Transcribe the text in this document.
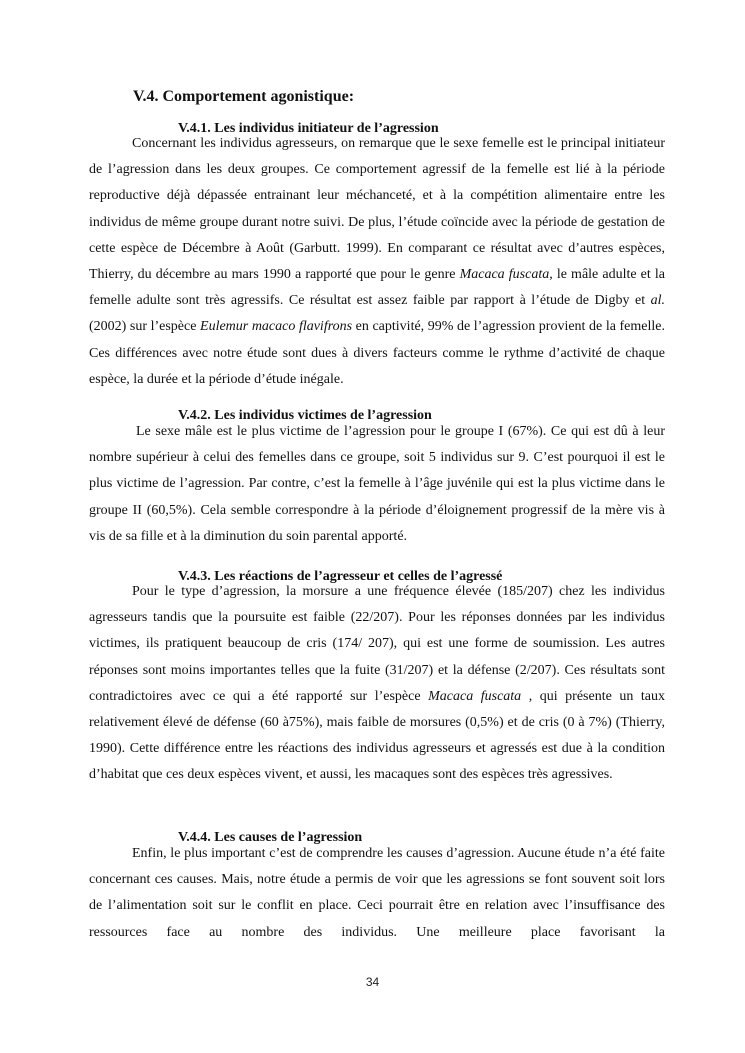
V.4. Comportement agonistique:
V.4.1. Les individus initiateur de l’agression

Concernant les individus agresseurs, on remarque que le sexe femelle est le principal initiateur de l’agression dans les deux groupes. Ce comportement agressif de la femelle est lié à la période reproductive déjà dépassée entrainant leur méchanceté, et à la compétition alimentaire entre les individus de même groupe durant notre suivi. De plus, l’étude coïncide avec la période de gestation de cette espèce de Décembre à Août (Garbutt. 1999). En comparant ce résultat avec d’autres espèces, Thierry, du décembre au mars 1990 a rapporté que pour le genre Macaca fuscata, le mâle adulte et la femelle adulte sont très agressifs. Ce résultat est assez faible par rapport à l’étude de Digby et al. (2002) sur l’espèce Eulemur macaco flavifrons en captivité, 99% de l’agression provient de la femelle. Ces différences avec notre étude sont dues à divers facteurs comme le rythme d’activité de chaque espèce, la durée et la période d’étude inégale.

V.4.2. Les individus victimes de l’agression

Le sexe mâle est le plus victime de l’agression pour le groupe I (67%). Ce qui est dû à leur nombre supérieur à celui des femelles dans ce groupe, soit 5 individus sur 9. C’est pourquoi il est le plus victime de l’agression. Par contre, c’est la femelle à l’âge juvénile qui est la plus victime dans le groupe II (60,5%). Cela semble correspondre à la période d’éloignement progressif de la mère vis à vis de sa fille et à la diminution du soin parental apporté.

V.4.3. Les réactions de l’agresseur et celles de l’agressé

Pour le type d’agression, la morsure a une fréquence élevée (185/207) chez les individus agresseurs tandis que la poursuite est faible (22/207). Pour les réponses données par les individus victimes, ils pratiquent beaucoup de cris (174/ 207), qui est une forme de soumission. Les autres réponses sont moins importantes telles que la fuite (31/207) et la défense (2/207). Ces résultats sont contradictoires avec ce qui a été rapporté sur l’espèce Macaca fuscata , qui présente un taux relativement élevé de défense (60 à75%), mais faible de morsures (0,5%) et de cris (0 à 7%) (Thierry, 1990). Cette différence entre les réactions des individus agresseurs et agressés est due à la condition d’habitat que ces deux espèces vivent, et aussi, les macaques sont des espèces très agressives.

V.4.4. Les causes de l’agression

Enfin, le plus important c’est de comprendre les causes d’agression. Aucune étude n’a été faite concernant ces causes. Mais, notre étude a permis de voir que les agressions se font souvent soit lors de l’alimentation soit sur le conflit en place. Ceci pourrait être en relation avec l’insuffisance des ressources face au nombre des individus. Une meilleure place favorisant la

34
